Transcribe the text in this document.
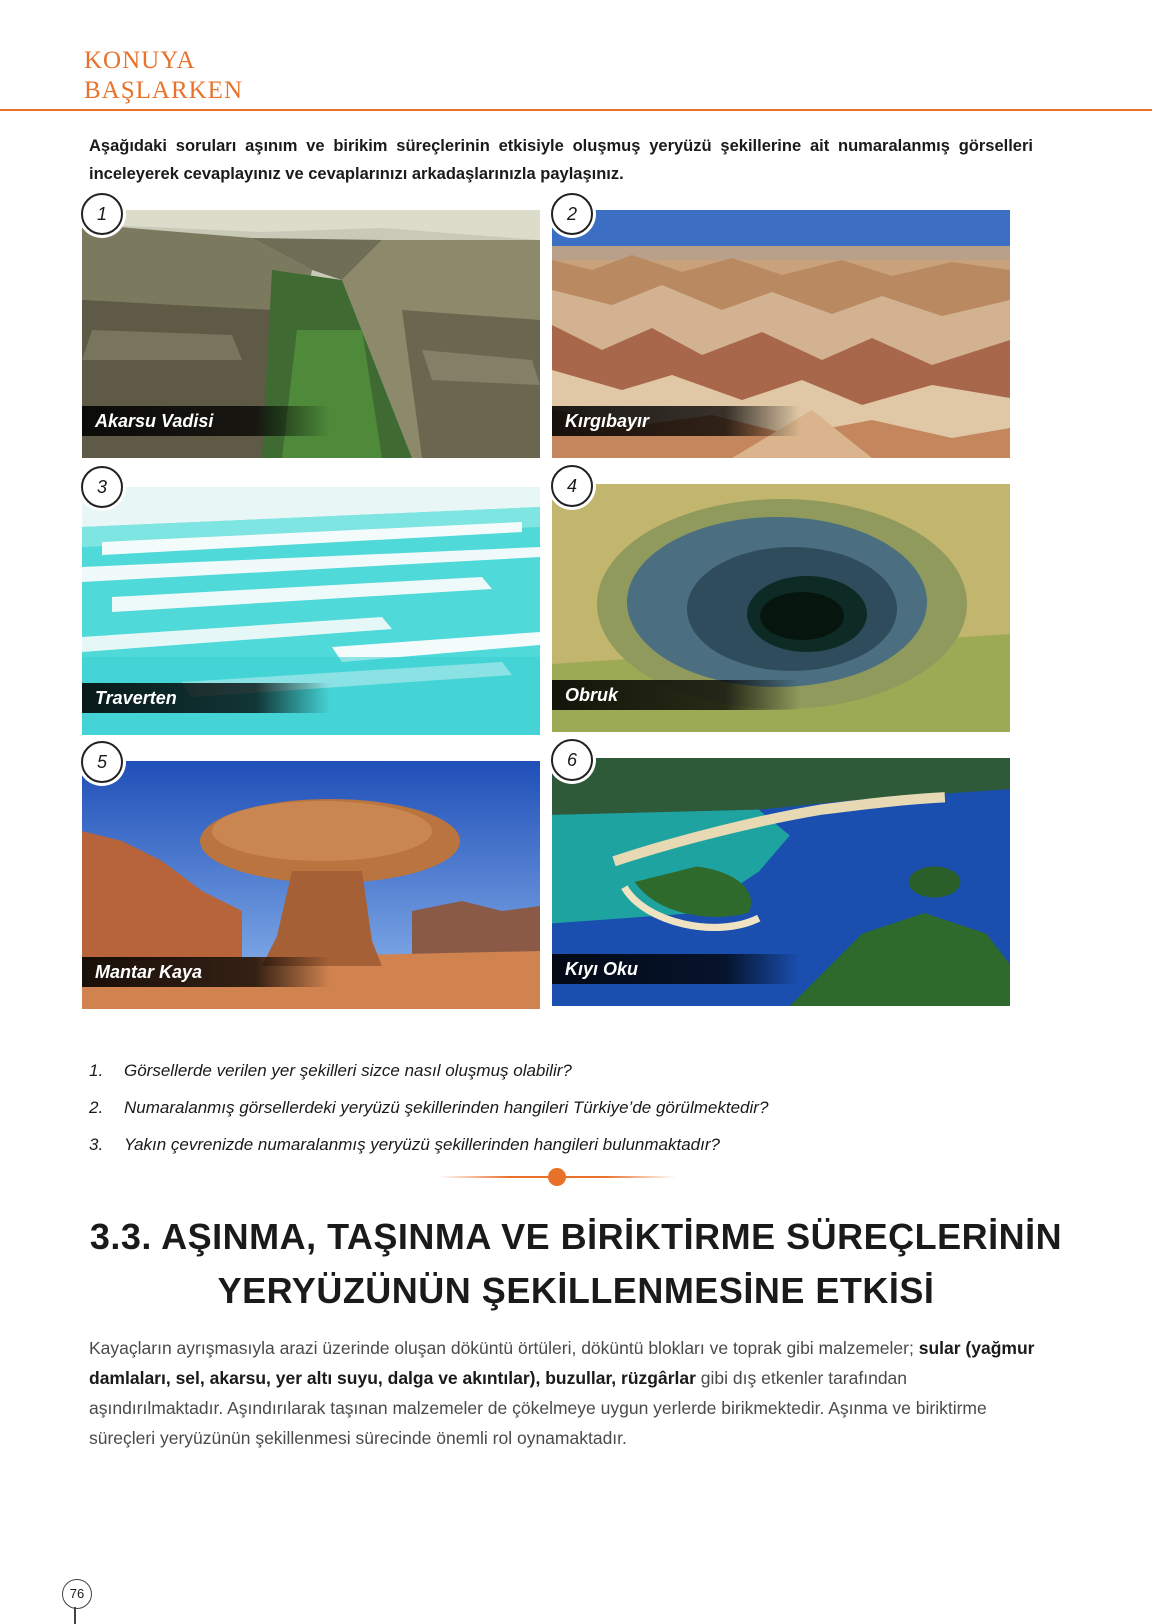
KONUYA
BAŞLARKEN
Aşağıdaki soruları aşınım ve birikim süreçlerinin etkisiyle oluşmuş yeryüzü şekillerine ait numaralanmış görselleri inceleyerek cevaplayınız ve cevaplarınızı arkadaşlarınızla paylaşınız.
Akarsu Vadisi
1
Kırgıbayır
2
Traverten
3
Obruk
4
Mantar Kaya
5
Kıyı Oku
6
1.	Görsellerde verilen yer şekilleri sizce nasıl oluşmuş olabilir?
2.	Numaralanmış görsellerdeki yeryüzü şekillerinden hangileri Türkiye’de görülmektedir?
3.	Yakın çevrenizde numaralanmış yeryüzü şekillerinden hangileri bulunmaktadır?
3.3. AŞINMA, TAŞINMA VE BİRİKTİRME SÜREÇLERİNİN
YERYÜZÜNÜN ŞEKİLLENMESİNE ETKİSİ
Kayaçların ayrışmasıyla arazi üzerinde oluşan döküntü örtüleri, döküntü blokları ve toprak gibi malzemeler; sular (yağmur damlaları, sel, akarsu, yer altı suyu, dalga ve akıntılar), buzullar, rüzgârlar gibi dış etkenler tarafından aşındırılmaktadır. Aşındırılarak taşınan malzemeler de çökelmeye uygun yerlerde birikmektedir. Aşınma ve biriktirme süreçleri yeryüzünün şekillenmesi sürecinde önemli rol oynamaktadır.
76
